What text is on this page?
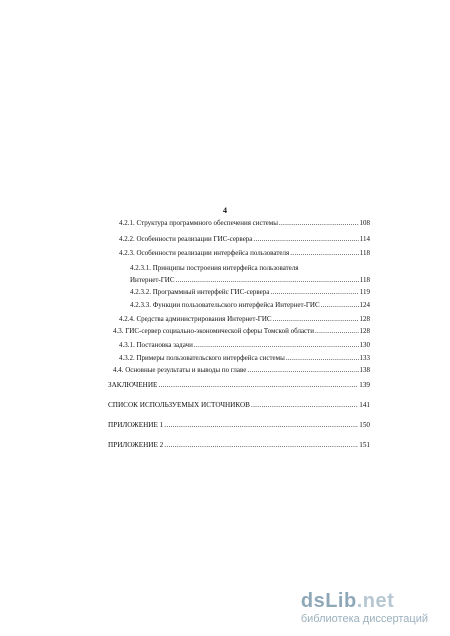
4
4.2.1. Структура программного обеспечения системы .....	108
4.2.2. Особенности реализации ГИС-сервера .....	114
4.2.3. Особенности реализации интерфейса пользователя .....	118
4.2.3.1. Принципы построения интерфейса пользователя
Интернет-ГИС .....	118
4.2.3.2. Программный интерфейс ГИС-сервера .....	119
4.2.3.3. Функции пользовательского интерфейса Интернет-ГИС .....	124
4.2.4. Средства администрирования Интернет-ГИС .....	128
4.3. ГИС-сервер социально-экономической сферы Томской области .....	128
4.3.1. Постановка задачи .....	130
4.3.2. Примеры пользовательского интерфейса системы .....	133
4.4. Основные результаты и выводы по главе .....	138
ЗАКЛЮЧЕНИЕ .....	139
СПИСОК ИСПОЛЬЗУЕМЫХ ИСТОЧНИКОВ .....	141
ПРИЛОЖЕНИЕ 1 .....	150
ПРИЛОЖЕНИЕ 2 .....	151
dsLib.net
библиотека диссертаций
